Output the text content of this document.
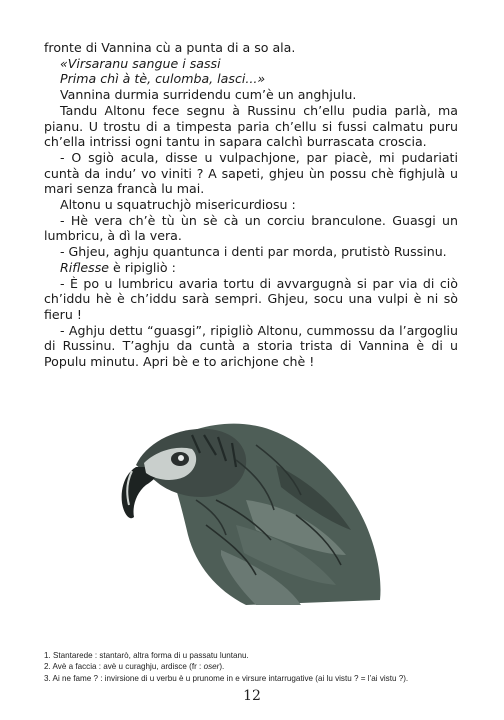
fronte di Vannina cù a punta di a so ala.

«Virsaranu sangue i sassi

Prima chì à tè, culomba, lasci...»

Vannina durmia surridendu cum’è un anghjulu.

Tandu Altonu fece segnu à Russinu ch’ellu pudia parlà, ma pianu. U trostu di a timpesta paria ch’ellu si fussi calmatu puru ch’ella intrissi ogni tantu in sapara calchì burrascata croscia.

- O sgiò acula, disse u vulpachjone, par piacè, mi pudariati cuntà da indu’ vo viniti ? A sapeti, ghjeu ùn possu chè fighjulà u mari senza francà lu mai.

Altonu u squatruchjò misericurdiosu :

- Hè vera ch’è tù ùn sè cà un corciu branculone. Guasgi un lumbricu, à dì la vera.

- Ghjeu, aghju quantunca i denti par morda, prutistò Russinu.

Riflesse è ripigliò :

- È po u lumbricu avaria tortu di avvargugnà si par via di ciò ch’iddu hè è ch’iddu sarà sempri. Ghjeu, socu una vulpi è ni sò fieru !

- Aghju dettu “guasgi”, ripigliò Altonu, cummossu da l’argogliu di Russinu. T’aghju da cuntà a storia trista di Vannina è di u Populu minutu. Apri bè e to arichjone chè !

1. Stantarede : stantarò, altra forma di u passatu luntanu.

2. Avè a faccia : avè u curaghju, ardisce (fr : oser).

3. Ai ne fame ? : invirsione di u verbu è u prunome in e virsure intarrugative (ai lu vistu ? = l’ai vistu ?).

12
